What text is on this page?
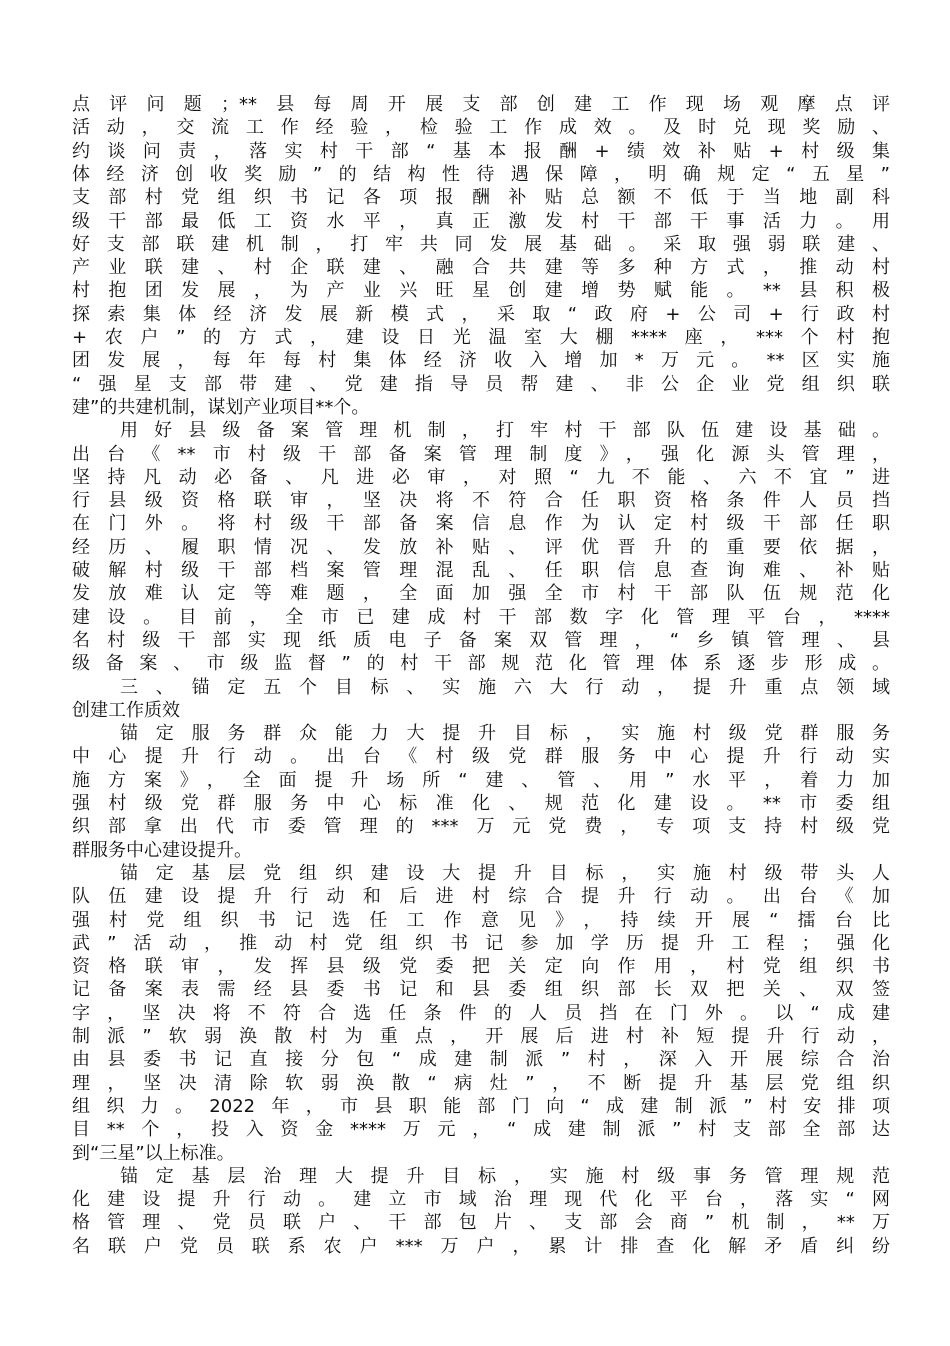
点评问题；**县每周开展支部创建工作现场观摩点评
活动，交流工作经验，检验工作成效。及时兑现奖励、
约谈问责，落实村干部“基本报酬+绩效补贴+村级集
体经济创收奖励”的结构性待遇保障，明确规定“五星”
支部村党组织书记各项报酬补贴总额不低于当地副科
级干部最低工资水平，真正激发村干部干事活力。用
好支部联建机制，打牢共同发展基础。采取强弱联建、
产业联建、村企联建、融合共建等多种方式，推动村
村抱团发展，为产业兴旺星创建增势赋能。**县积极
探索集体经济发展新模式，采取“政府+公司+行政村
+农户”的方式，建设日光温室大棚****座，***个村抱
团发展，每年每村集体经济收入增加*万元。**区实施
“强星支部带建、党建指导员帮建、非公企业党组织联
建”的共建机制，谋划产业项目**个。
用好县级备案管理机制，打牢村干部队伍建设基础。
出台《**市村级干部备案管理制度》，强化源头管理，
坚持凡动必备、凡进必审，对照“九不能、六不宜”进
行县级资格联审，坚决将不符合任职资格条件人员挡
在门外。将村级干部备案信息作为认定村级干部任职
经历、履职情况、发放补贴、评优晋升的重要依据，
破解村级干部档案管理混乱、任职信息查询难、补贴
发放难认定等难题，全面加强全市村干部队伍规范化
建设。目前，全市已建成村干部数字化管理平台，****
名村级干部实现纸质电子备案双管理，“乡镇管理、县
级备案、市级监督”的村干部规范化管理体系逐步形成。
三、锚定五个目标、实施六大行动，提升重点领域
创建工作质效
锚定服务群众能力大提升目标，实施村级党群服务
中心提升行动。出台《村级党群服务中心提升行动实
施方案》，全面提升场所“建、管、用”水平，着力加
强村级党群服务中心标准化、规范化建设。**市委组
织部拿出代市委管理的***万元党费，专项支持村级党
群服务中心建设提升。
锚定基层党组织建设大提升目标，实施村级带头人
队伍建设提升行动和后进村综合提升行动。出台《加
强村党组织书记选任工作意见》，持续开展“擂台比
武”活动，推动村党组织书记参加学历提升工程；强化
资格联审，发挥县级党委把关定向作用，村党组织书
记备案表需经县委书记和县委组织部长双把关、双签
字，坚决将不符合选任条件的人员挡在门外。以“成建
制派”软弱涣散村为重点，开展后进村补短提升行动，
由县委书记直接分包“成建制派”村，深入开展综合治
理，坚决清除软弱涣散“病灶”，不断提升基层党组织
组织力。2022年，市县职能部门向“成建制派”村安排项
目**个，投入资金****万元，“成建制派”村支部全部达
到“三星”以上标准。
锚定基层治理大提升目标，实施村级事务管理规范
化建设提升行动。建立市域治理现代化平台，落实“网
格管理、党员联户、干部包片、支部会商”机制，**万
名联户党员联系农户***万户，累计排查化解矛盾纠纷
